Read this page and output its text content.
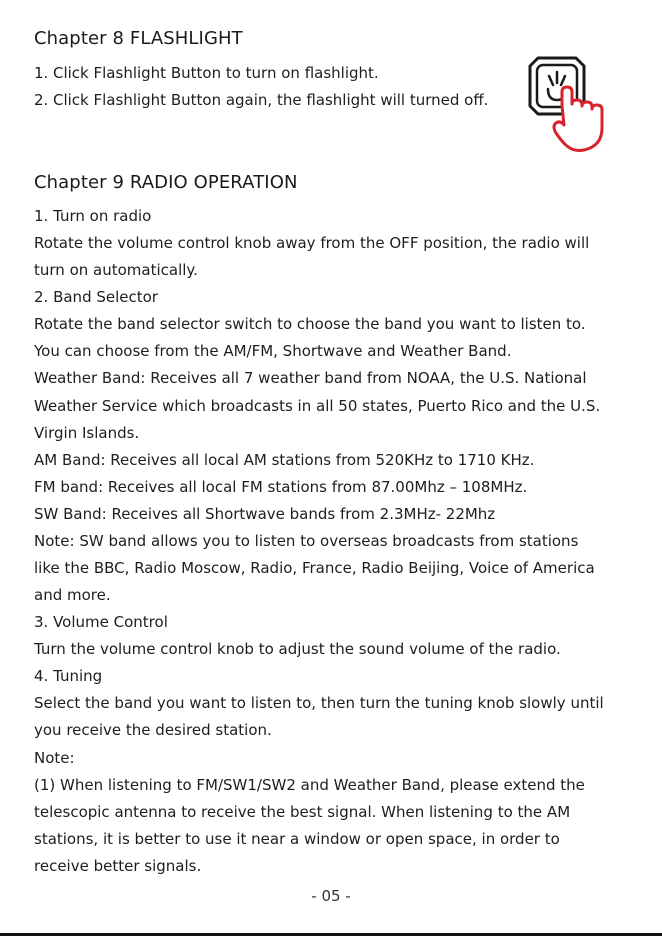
Chapter 8 FLASHLIGHT
1. Click Flashlight Button to turn on flashlight.
2. Click Flashlight Button again, the flashlight will turned off.
Chapter 9 RADIO OPERATION
1. Turn on radio
Rotate the volume control knob away from the OFF position, the radio will
turn on automatically.
2. Band Selector
Rotate the band selector switch to choose the band you want to listen to.
You can choose from the AM/FM, Shortwave and Weather Band.
Weather Band: Receives all 7 weather band from NOAA, the U.S. National
Weather Service which broadcasts in all 50 states, Puerto Rico and the U.S.
Virgin Islands.
AM Band: Receives all local AM stations from 520KHz to 1710 KHz.
FM band: Receives all local FM stations from 87.00Mhz – 108MHz.
SW Band: Receives all Shortwave bands from 2.3MHz- 22Mhz
Note: SW band allows you to listen to overseas broadcasts from stations
like the BBC, Radio Moscow, Radio, France, Radio Beijing, Voice of America
and more.
3. Volume Control
Turn the volume control knob to adjust the sound volume of the radio.
4. Tuning
Select the band you want to listen to, then turn the tuning knob slowly until
you receive the desired station.
Note:
(1) When listening to FM/SW1/SW2 and Weather Band, please extend the
telescopic antenna to receive the best signal. When listening to the AM
stations, it is better to use it near a window or open space, in order to
receive better signals.
- 05 -
